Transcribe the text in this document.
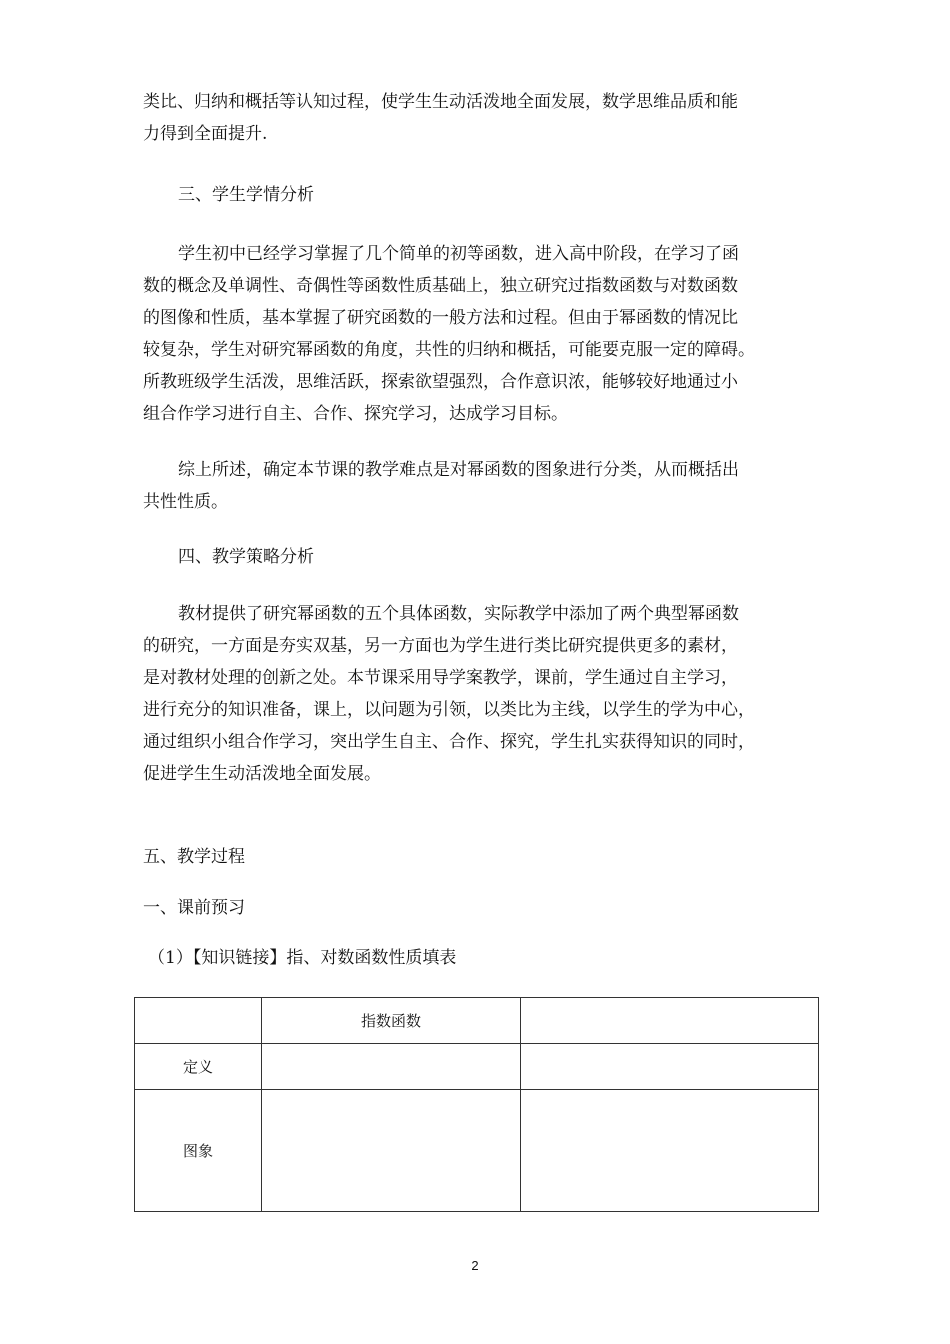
类比、归纳和概括等认知过程，使学生生动活泼地全面发展，数学思维品质和能
力得到全面提升.
三、学生学情分析
学生初中已经学习掌握了几个简单的初等函数，进入高中阶段，在学习了函
数的概念及单调性、奇偶性等函数性质基础上，独立研究过指数函数与对数函数
的图像和性质，基本掌握了研究函数的一般方法和过程。但由于幂函数的情况比
较复杂，学生对研究幂函数的角度，共性的归纳和概括，可能要克服一定的障碍。
所教班级学生活泼，思维活跃，探索欲望强烈，合作意识浓，能够较好地通过小
组合作学习进行自主、合作、探究学习，达成学习目标。
综上所述，确定本节课的教学难点是对幂函数的图象进行分类，从而概括出
共性性质。
四、教学策略分析
教材提供了研究幂函数的五个具体函数，实际教学中添加了两个典型幂函数
的研究，一方面是夯实双基，另一方面也为学生进行类比研究提供更多的素材，
是对教材处理的创新之处。本节课采用导学案教学，课前，学生通过自主学习，
进行充分的知识准备，课上，以问题为引领，以类比为主线，以学生的学为中心，
通过组织小组合作学习，突出学生自主、合作、探究，学生扎实获得知识的同时，
促进学生生动活泼地全面发展。
五、教学过程
一、课前预习
（1）【知识链接】指、对数函数性质填表
	指数函数	
定义		
图象		
2
